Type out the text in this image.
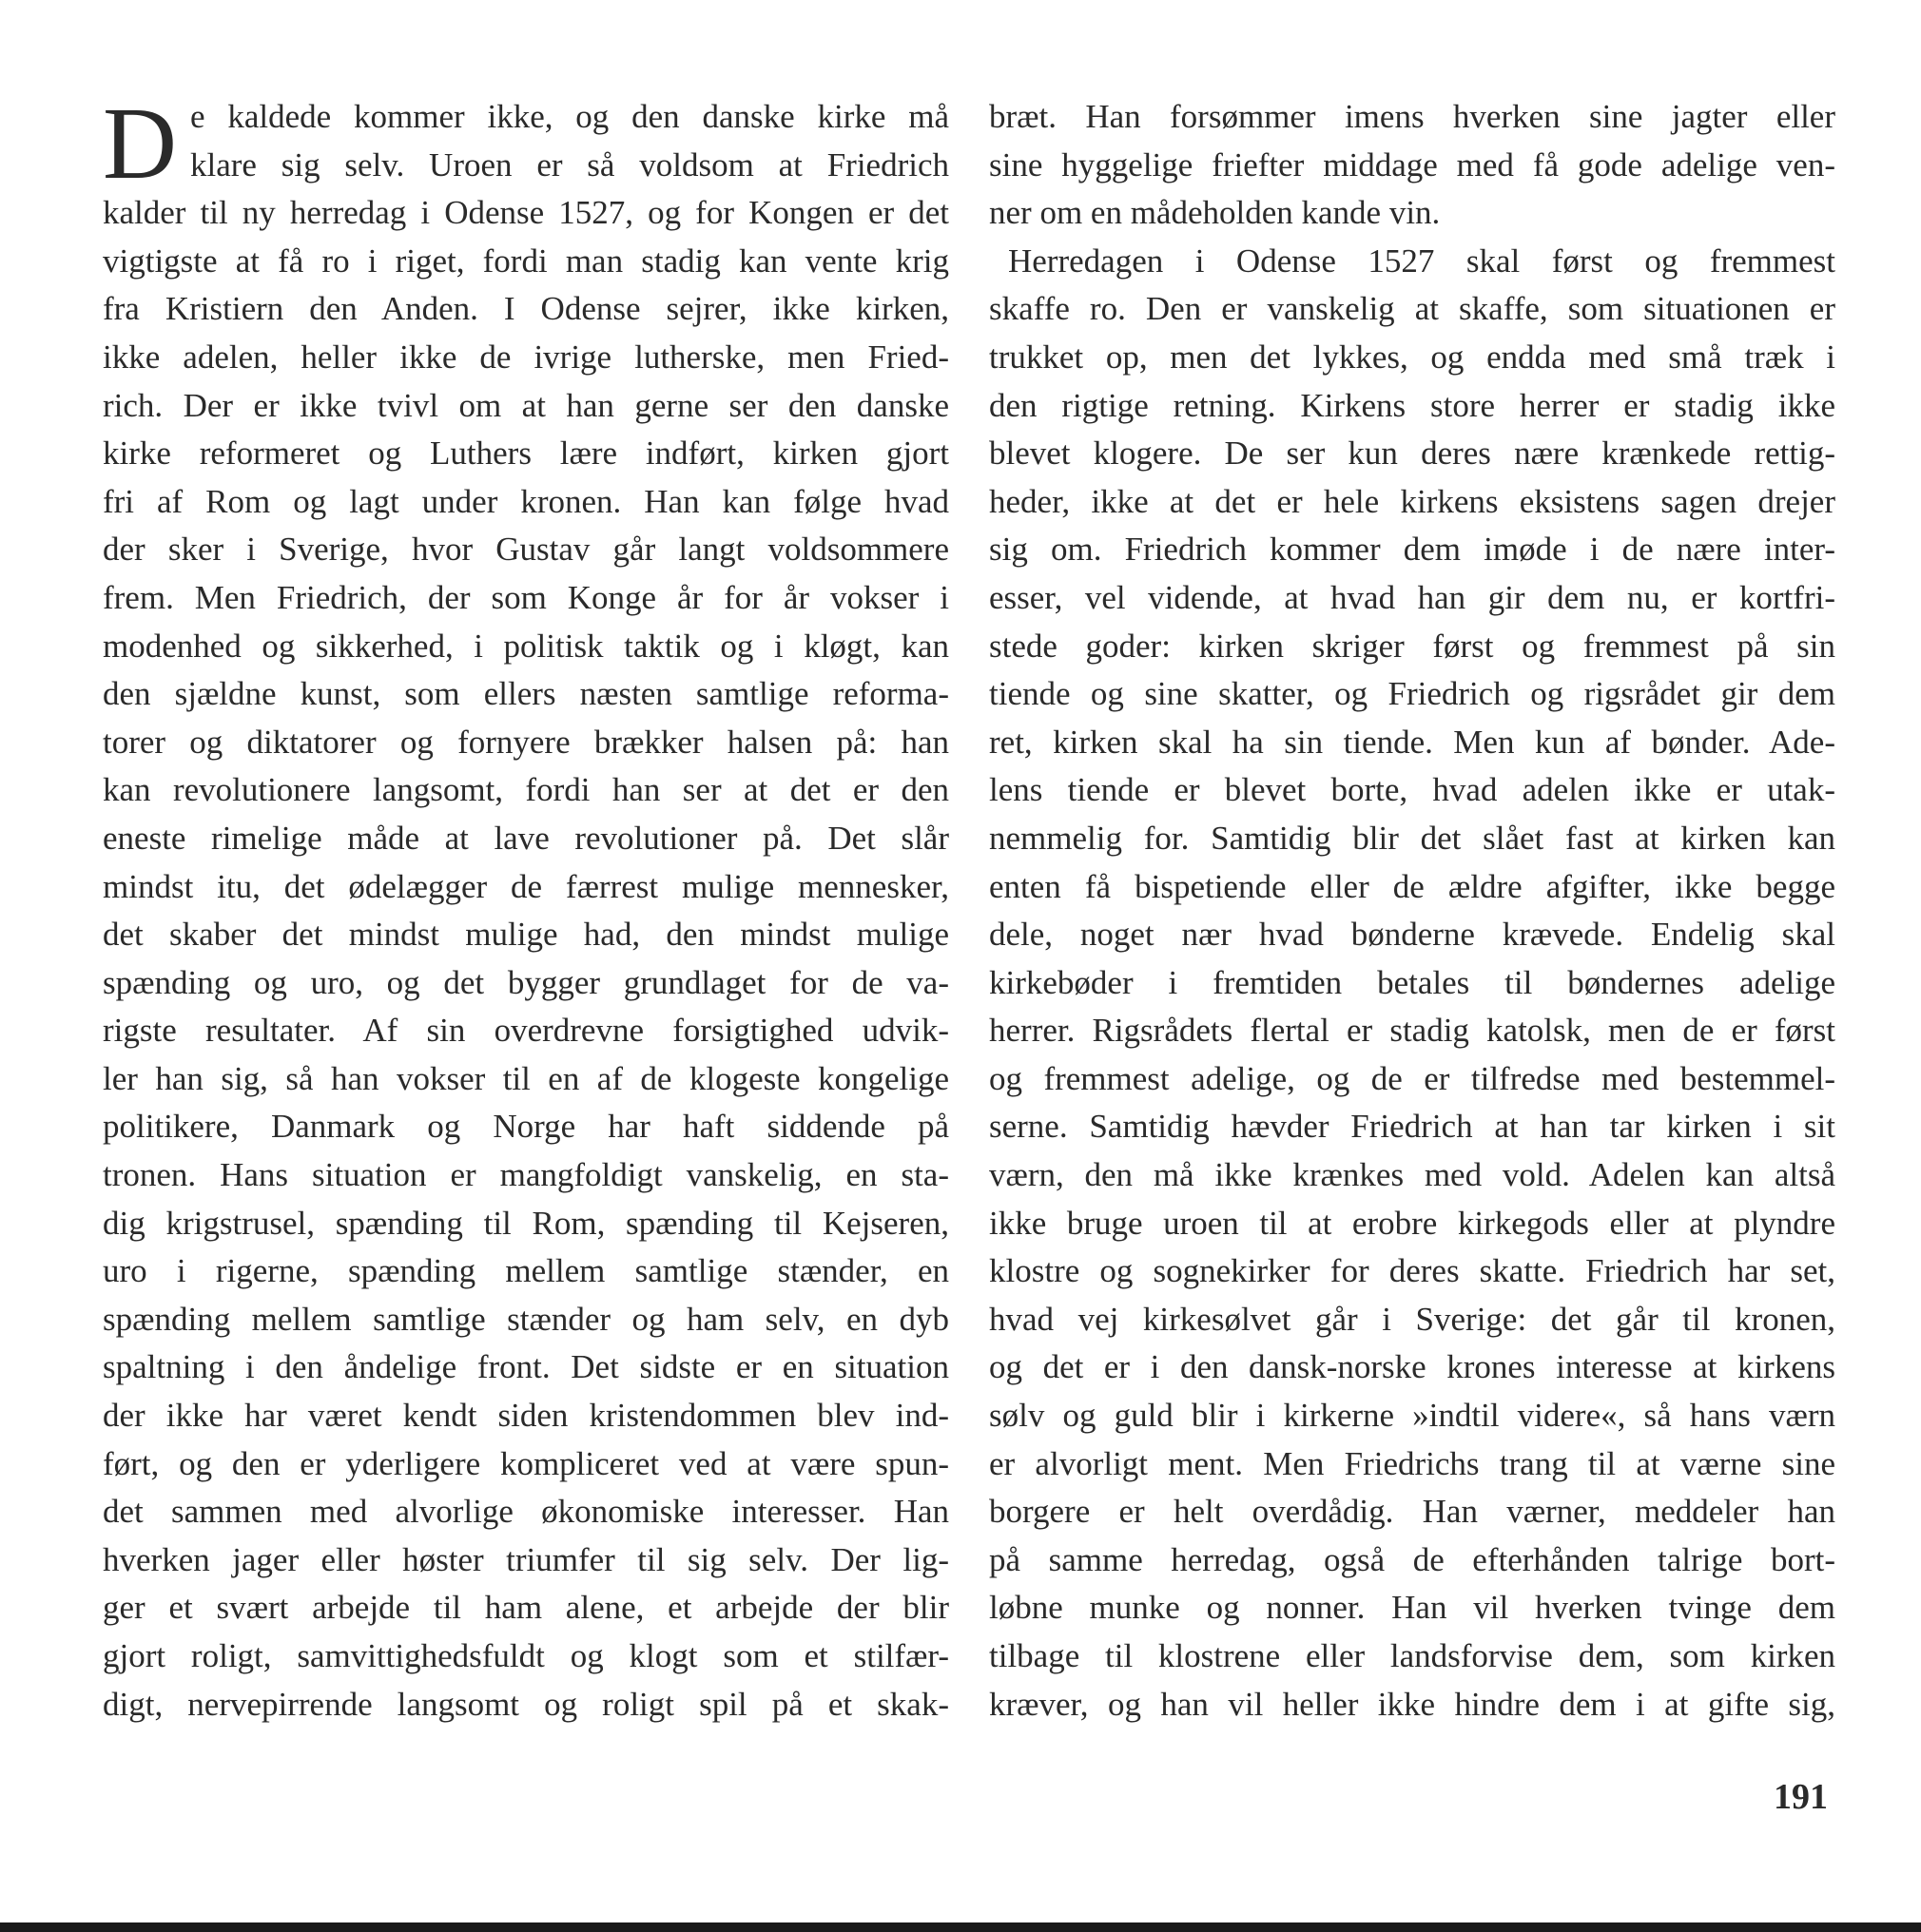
D e kaldede kommer ikke, og den danske kirke må
klare sig selv. Uroen er så voldsom at Friedrich
kalder til ny herredag i Odense 1527, og for Kongen er det
vigtigste at få ro i riget, fordi man stadig kan vente krig
fra Kristiern den Anden. I Odense sejrer, ikke kirken,
ikke adelen, heller ikke de ivrige lutherske, men Fried-
rich. Der er ikke tvivl om at han gerne ser den danske
kirke reformeret og Luthers lære indført, kirken gjort
fri af Rom og lagt under kronen. Han kan følge hvad
der sker i Sverige, hvor Gustav går langt voldsommere
frem. Men Friedrich, der som Konge år for år vokser i
modenhed og sikkerhed, i politisk taktik og i kløgt, kan
den sjældne kunst, som ellers næsten samtlige reforma-
torer og diktatorer og fornyere brækker halsen på: han
kan revolutionere langsomt, fordi han ser at det er den
eneste rimelige måde at lave revolutioner på. Det slår
mindst itu, det ødelægger de færrest mulige mennesker,
det skaber det mindst mulige had, den mindst mulige
spænding og uro, og det bygger grundlaget for de va-
rigste resultater. Af sin overdrevne forsigtighed udvik-
ler han sig, så han vokser til en af de klogeste kongelige
politikere, Danmark og Norge har haft siddende på
tronen. Hans situation er mangfoldigt vanskelig, en sta-
dig krigstrusel, spænding til Rom, spænding til Kejseren,
uro i rigerne, spænding mellem samtlige stænder, en
spænding mellem samtlige stænder og ham selv, en dyb
spaltning i den åndelige front. Det sidste er en situation
der ikke har været kendt siden kristendommen blev ind-
ført, og den er yderligere kompliceret ved at være spun-
det sammen med alvorlige økonomiske interesser. Han
hverken jager eller høster triumfer til sig selv. Der lig-
ger et svært arbejde til ham alene, et arbejde der blir
gjort roligt, samvittighedsfuldt og klogt som et stilfær-
digt, nervepirrende langsomt og roligt spil på et skak-
bræt. Han forsømmer imens hverken sine jagter eller
sine hyggelige friefter middage med få gode adelige ven-
ner om en mådeholden kande vin.
Herredagen i Odense 1527 skal først og fremmest
skaffe ro. Den er vanskelig at skaffe, som situationen er
trukket op, men det lykkes, og endda med små træk i
den rigtige retning. Kirkens store herrer er stadig ikke
blevet klogere. De ser kun deres nære krænkede rettig-
heder, ikke at det er hele kirkens eksistens sagen drejer
sig om. Friedrich kommer dem imøde i de nære inter-
esser, vel vidende, at hvad han gir dem nu, er kortfri-
stede goder: kirken skriger først og fremmest på sin
tiende og sine skatter, og Friedrich og rigsrådet gir dem
ret, kirken skal ha sin tiende. Men kun af bønder. Ade-
lens tiende er blevet borte, hvad adelen ikke er utak-
nemmelig for. Samtidig blir det slået fast at kirken kan
enten få bispetiende eller de ældre afgifter, ikke begge
dele, noget nær hvad bønderne krævede. Endelig skal
kirkebøder i fremtiden betales til bøndernes adelige
herrer. Rigsrådets flertal er stadig katolsk, men de er først
og fremmest adelige, og de er tilfredse med bestemmel-
serne. Samtidig hævder Friedrich at han tar kirken i sit
værn, den må ikke krænkes med vold. Adelen kan altså
ikke bruge uroen til at erobre kirkegods eller at plyndre
klostre og sognekirker for deres skatte. Friedrich har set,
hvad vej kirkesølvet går i Sverige: det går til kronen,
og det er i den dansk-norske krones interesse at kirkens
sølv og guld blir i kirkerne »indtil videre«, så hans værn
er alvorligt ment. Men Friedrichs trang til at værne sine
borgere er helt overdådig. Han værner, meddeler han
på samme herredag, også de efterhånden talrige bort-
løbne munke og nonner. Han vil hverken tvinge dem
tilbage til klostrene eller landsforvise dem, som kirken
kræver, og han vil heller ikke hindre dem i at gifte sig,
191
